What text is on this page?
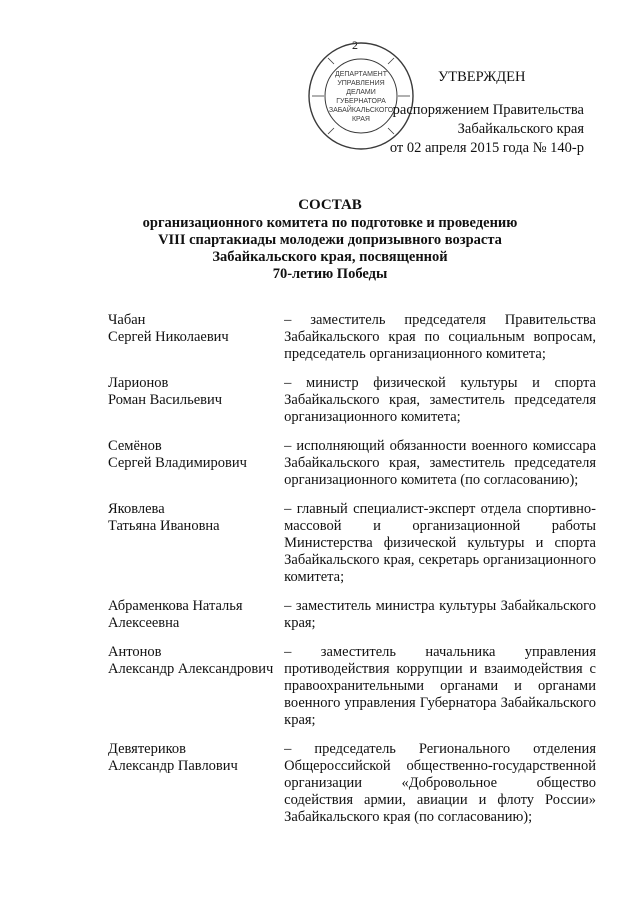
2
ДЕПАРТАМЕНТ
УПРАВЛЕНИЯ
ДЕЛАМИ
ГУБЕРНАТОРА
ЗАБАЙКАЛЬСКОГО
КРАЯ
УТВЕРЖДЕН
распоряжением Правительства
Забайкальского края
от 02 апреля 2015 года № 140-р
СОСТАВ
организационного комитета по подготовке и проведению
VIII спартакиады молодежи допризывного возраста
Забайкальского края, посвященной
70-летию Победы
Чабан
Сергей Николаевич	– заместитель председателя Правительства Забайкальского края по социальным вопросам, председатель организационного комитета;

Ларионов
Роман Васильевич	– министр физической культуры и спорта Забайкальского края, заместитель председателя организационного комитета;

Семёнов
Сергей Владимирович	– исполняющий обязанности военного комиссара Забайкальского края, заместитель председателя организационного комитета (по согласованию);

Яковлева
Татьяна Ивановна	– главный специалист-эксперт отдела спортивно-массовой и организационной работы Министерства физической культуры и спорта Забайкальского края, секретарь организационного комитета;

Абраменкова Наталья
Алексеевна	– заместитель министра культуры Забайкальского края;

Антонов
Александр Александрович	– заместитель начальника управления противодействия коррупции и взаимодействия с правоохранительными органами и органами военного управления Губернатора Забайкальского края;

Девятериков
Александр Павлович	– председатель Регионального отделения Общероссийской общественно-государственной организации «Добровольное общество содействия армии, авиации и флоту России» Забайкальского края (по согласованию);
